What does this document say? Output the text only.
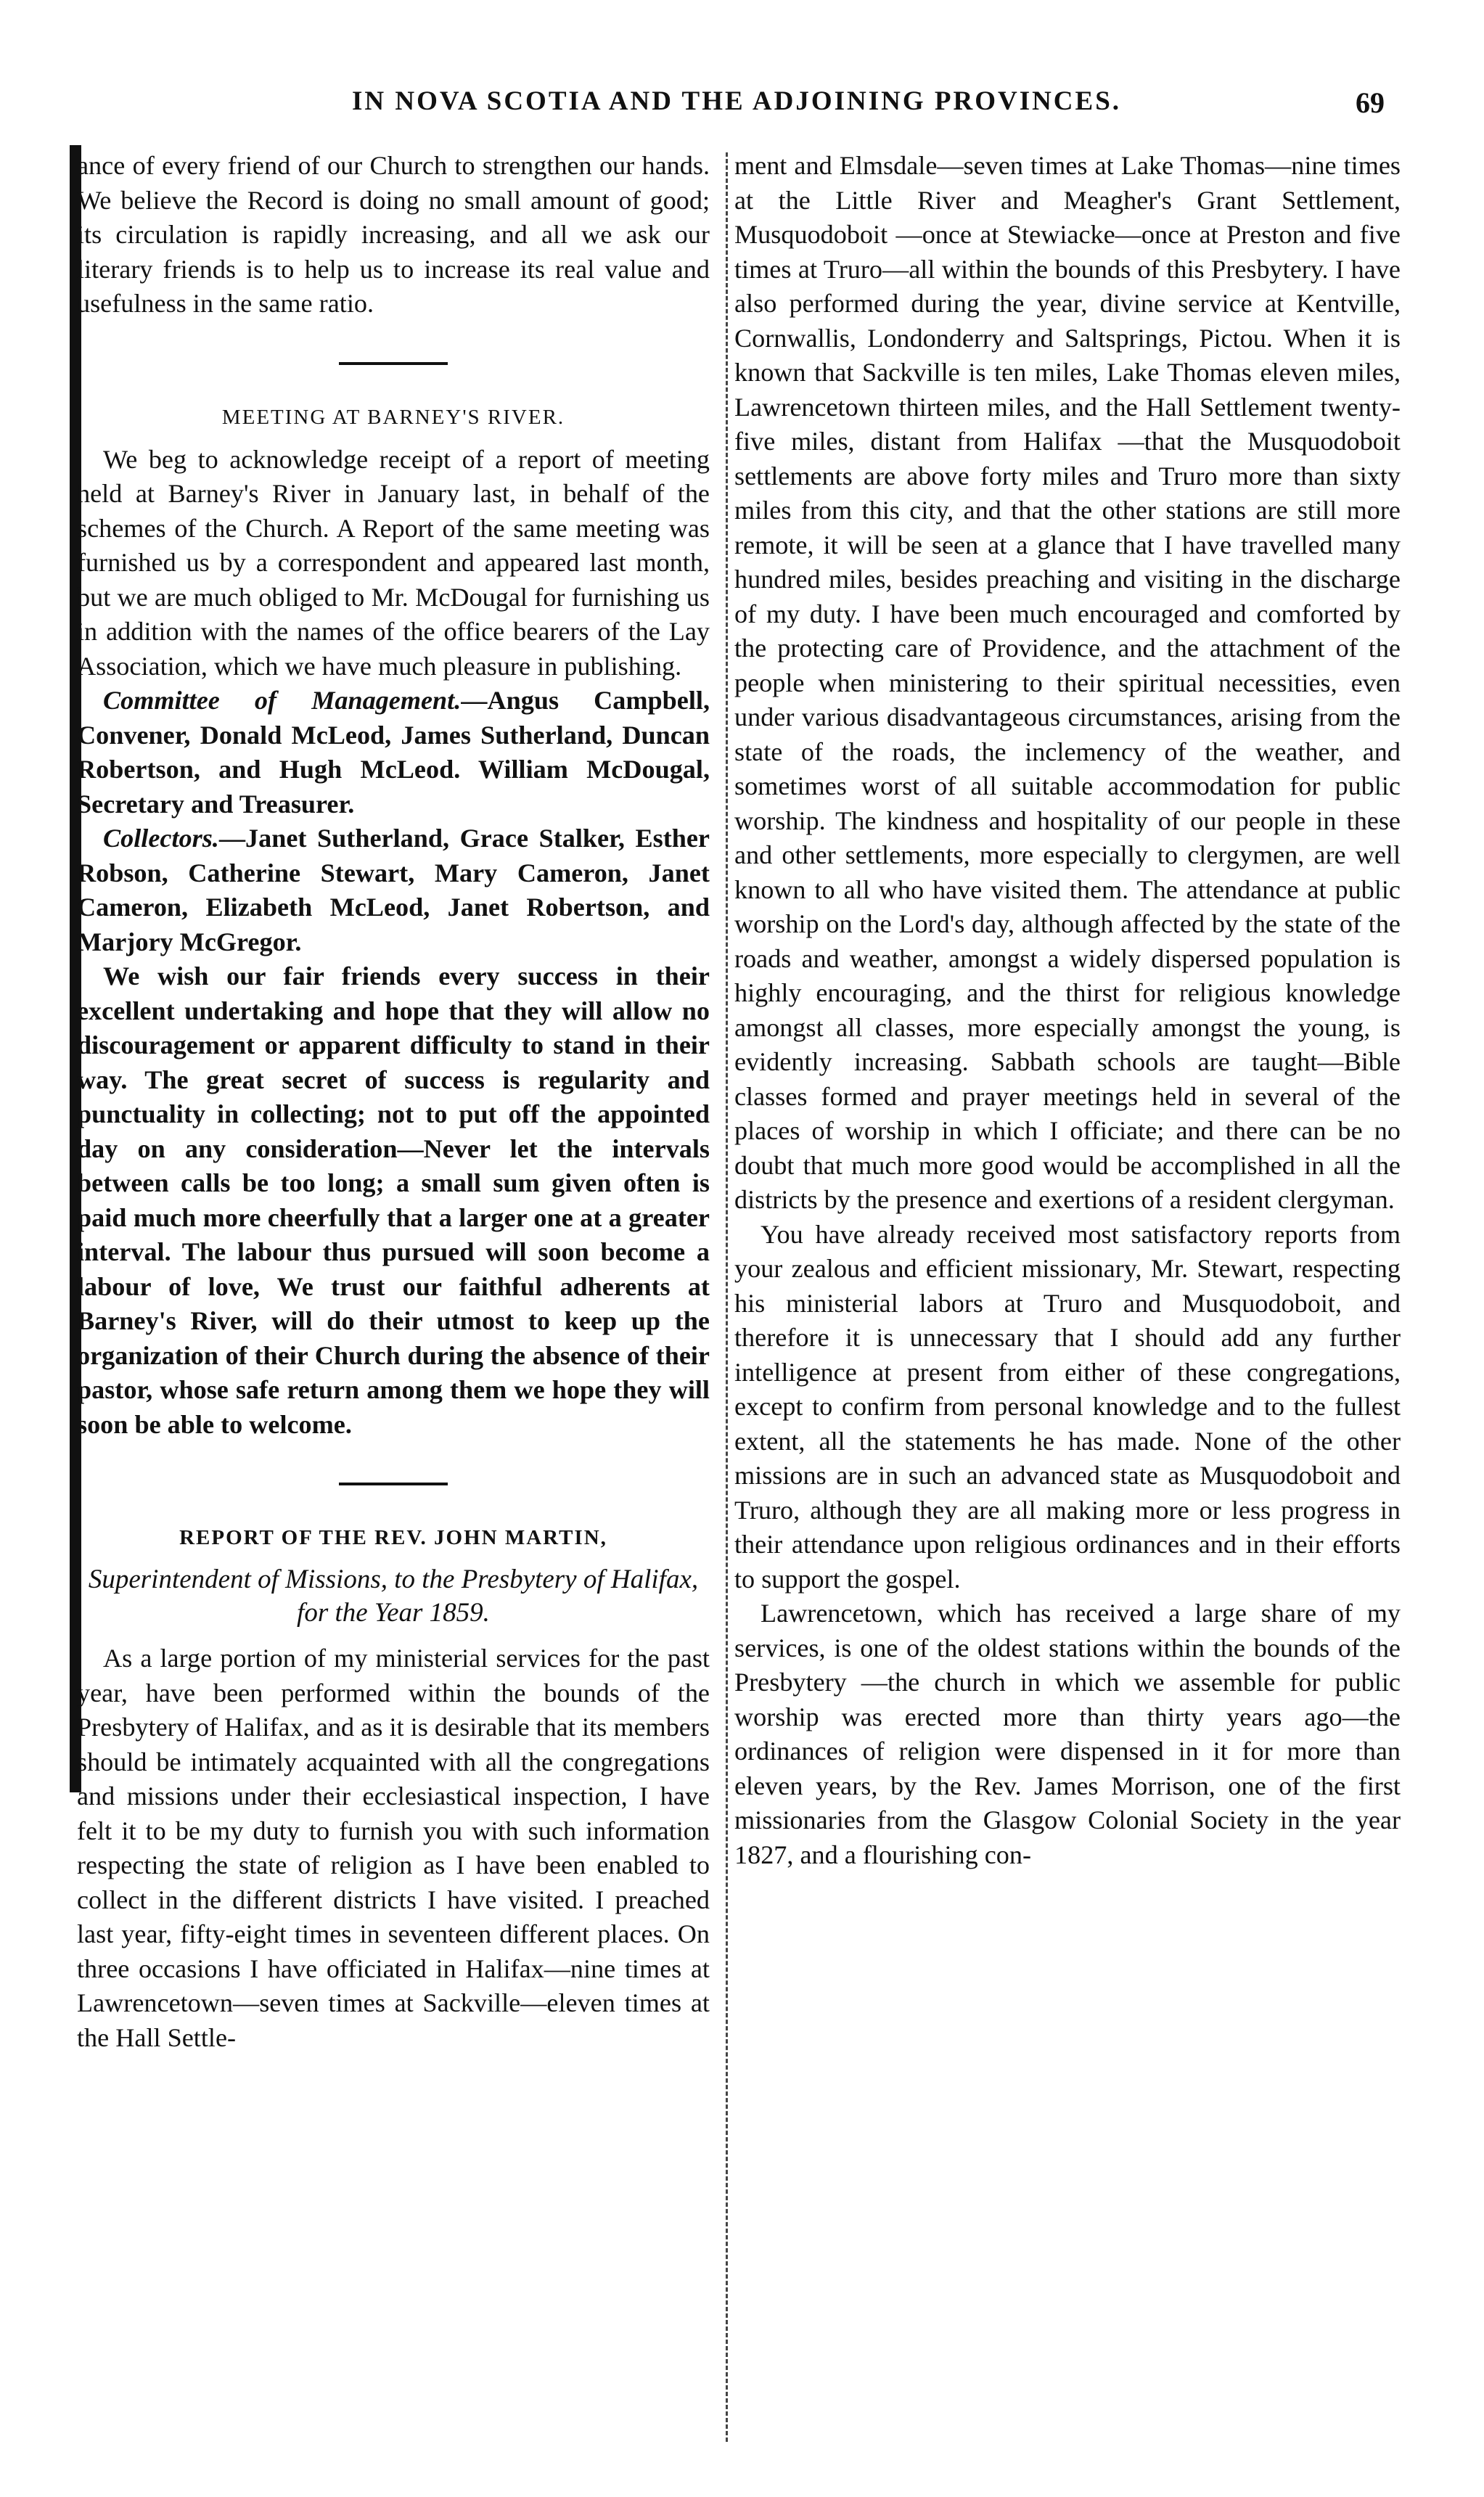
IN NOVA SCOTIA AND THE ADJOINING PROVINCES.	69

ance of every friend of our Church to strengthen our hands. We believe the Record is doing no small amount of good; its circulation is rapidly increasing, and all we ask our literary friends is to help us to increase its real value and usefulness in the same ratio.

MEETING AT BARNEY'S RIVER.

We beg to acknowledge receipt of a report of meeting held at Barney's River in January last, in behalf of the schemes of the Church. A Report of the same meeting was furnished us by a correspondent and appeared last month, but we are much obliged to Mr. McDougal for furnishing us in addition with the names of the office bearers of the Lay Association, which we have much pleasure in publishing.

Committee of Management.—Angus Campbell, Convener, Donald McLeod, James Sutherland, Duncan Robertson, and Hugh McLeod. William McDougal, Secretary and Treasurer.

Collectors.—Janet Sutherland, Grace Stalker, Esther Robson, Catherine Stewart, Mary Cameron, Janet Cameron, Elizabeth McLeod, Janet Robertson, and Marjory McGregor.

We wish our fair friends every success in their excellent undertaking and hope that they will allow no discouragement or apparent difficulty to stand in their way. The great secret of success is regularity and punctuality in collecting; not to put off the appointed day on any consideration—Never let the intervals between calls be too long; a small sum given often is paid much more cheerfully that a larger one at a greater interval. The labour thus pursued will soon become a labour of love, We trust our faithful adherents at Barney's River, will do their utmost to keep up the organization of their Church during the absence of their pastor, whose safe return among them we hope they will soon be able to welcome.

REPORT OF THE REV. JOHN MARTIN,
Superintendent of Missions, to the Presbytery of Halifax, for the Year 1859.

As a large portion of my ministerial services for the past year, have been performed within the bounds of the Presbytery of Halifax, and as it is desirable that its members should be intimately acquainted with all the congregations and missions under their ecclesiastical inspection, I have felt it to be my duty to furnish you with such information respecting the state of religion as I have been enabled to collect in the different districts I have visited. I preached last year, fifty-eight times in seventeen different places. On three occasions I have officiated in Halifax—nine times at Lawrencetown—seven times at Sackville—eleven times at the Hall Settle-

ment and Elmsdale—seven times at Lake Thomas—nine times at the Little River and Meagher's Grant Settlement, Musquodoboit —once at Stewiacke—once at Preston and five times at Truro—all within the bounds of this Presbytery. I have also performed during the year, divine service at Kentville, Cornwallis, Londonderry and Saltsprings, Pictou. When it is known that Sackville is ten miles, Lake Thomas eleven miles, Lawrencetown thirteen miles, and the Hall Settlement twenty-five miles, distant from Halifax —that the Musquodoboit settlements are above forty miles and Truro more than sixty miles from this city, and that the other stations are still more remote, it will be seen at a glance that I have travelled many hundred miles, besides preaching and visiting in the discharge of my duty. I have been much encouraged and comforted by the protecting care of Providence, and the attachment of the people when ministering to their spiritual necessities, even under various disadvantageous circumstances, arising from the state of the roads, the inclemency of the weather, and sometimes worst of all suitable accommodation for public worship. The kindness and hospitality of our people in these and other settlements, more especially to clergymen, are well known to all who have visited them. The attendance at public worship on the Lord's day, although affected by the state of the roads and weather, amongst a widely dispersed population is highly encouraging, and the thirst for religious knowledge amongst all classes, more especially amongst the young, is evidently increasing. Sabbath schools are taught—Bible classes formed and prayer meetings held in several of the places of worship in which I officiate; and there can be no doubt that much more good would be accomplished in all the districts by the presence and exertions of a resident clergyman.

You have already received most satisfactory reports from your zealous and efficient missionary, Mr. Stewart, respecting his ministerial labors at Truro and Musquodoboit, and therefore it is unnecessary that I should add any further intelligence at present from either of these congregations, except to confirm from personal knowledge and to the fullest extent, all the statements he has made. None of the other missions are in such an advanced state as Musquodoboit and Truro, although they are all making more or less progress in their attendance upon religious ordinances and in their efforts to support the gospel.

Lawrencetown, which has received a large share of my services, is one of the oldest stations within the bounds of the Presbytery —the church in which we assemble for public worship was erected more than thirty years ago—the ordinances of religion were dispensed in it for more than eleven years, by the Rev. James Morrison, one of the first missionaries from the Glasgow Colonial Society in the year 1827, and a flourishing con-
